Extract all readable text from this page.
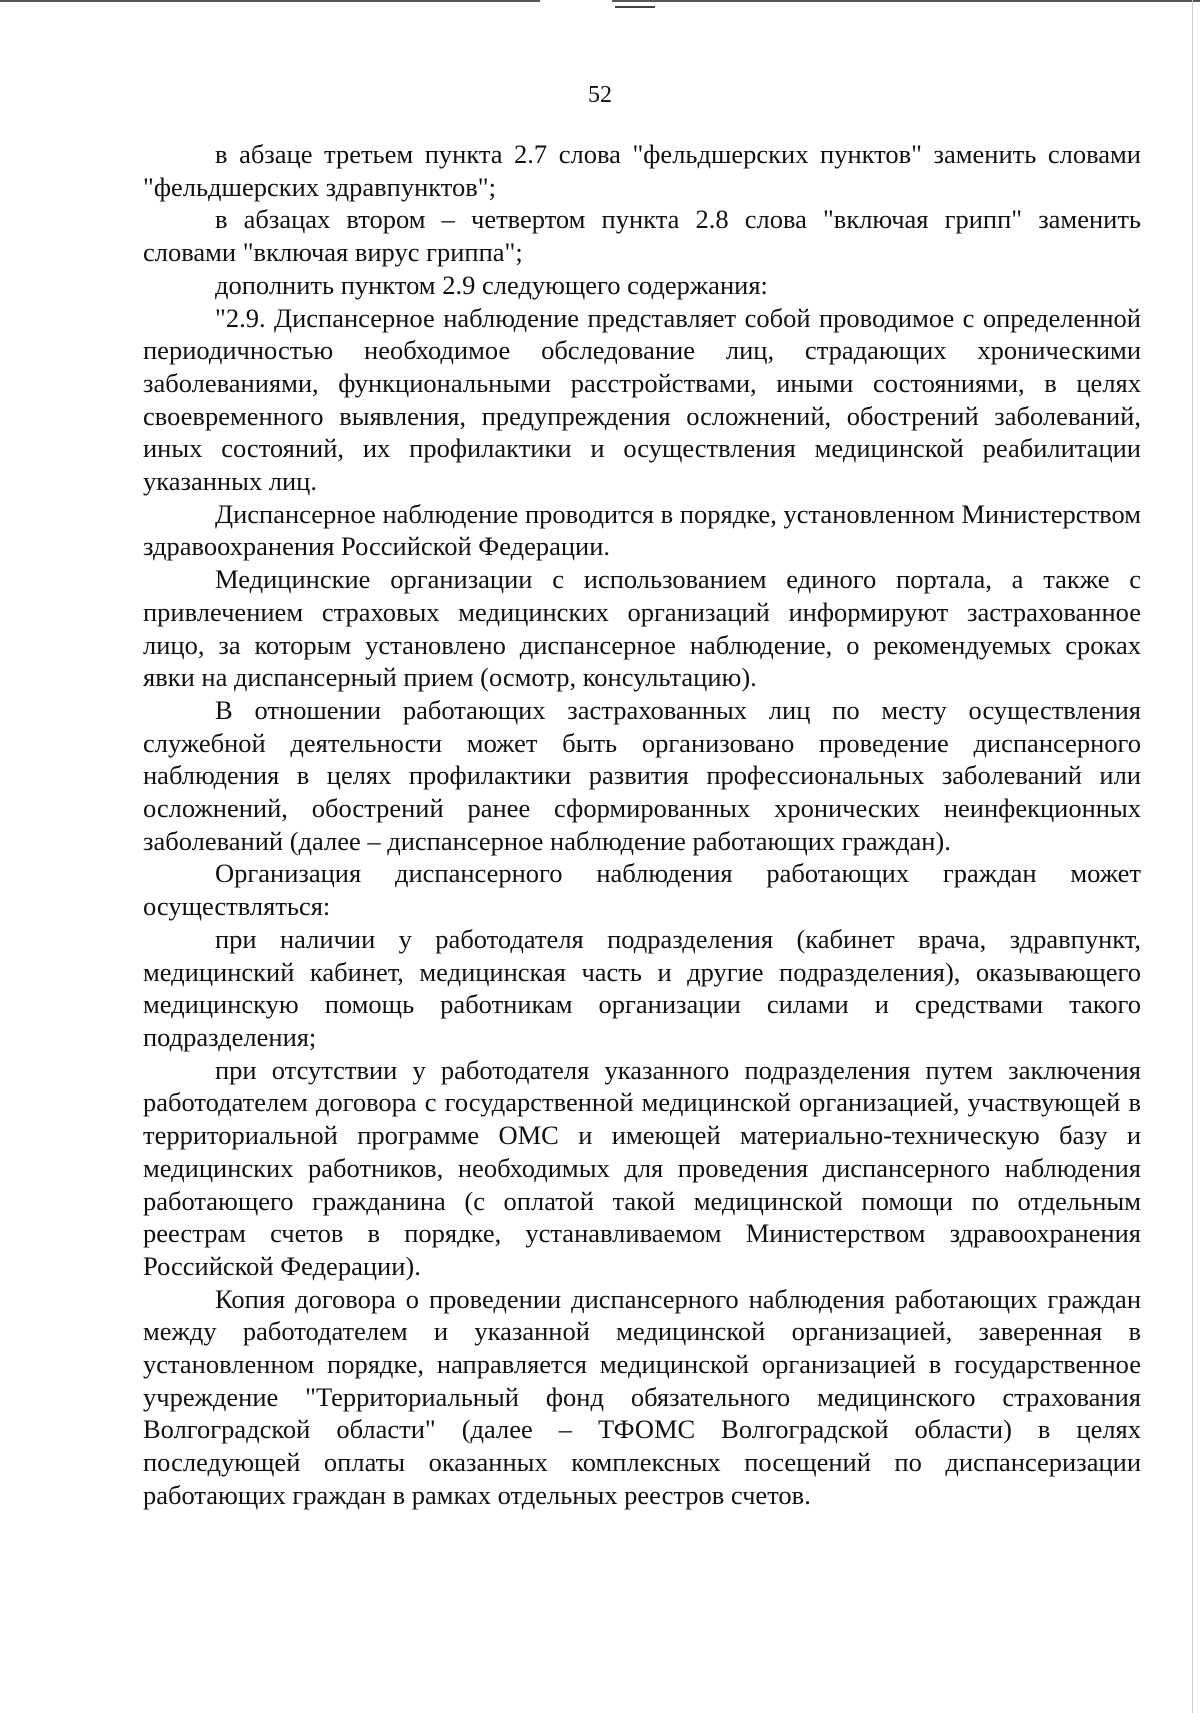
52

в абзаце третьем пункта 2.7 слова "фельдшерских пунктов" заменить словами "фельдшерских здравпунктов";

в абзацах втором – четвертом пункта 2.8 слова "включая грипп" заменить словами "включая вирус гриппа";

дополнить пунктом 2.9 следующего содержания:

"2.9. Диспансерное наблюдение представляет собой проводимое с определенной периодичностью необходимое обследование лиц, страдающих хроническими заболеваниями, функциональными расстройствами, иными состояниями, в целях своевременного выявления, предупреждения осложнений, обострений заболеваний, иных состояний, их профилактики и осуществления медицинской реабилитации указанных лиц.

Диспансерное наблюдение проводится в порядке, установленном Министерством здравоохранения Российской Федерации.

Медицинские организации с использованием единого портала, а также с привлечением страховых медицинских организаций информируют застрахованное лицо, за которым установлено диспансерное наблюдение, о рекомендуемых сроках явки на диспансерный прием (осмотр, консультацию).

В отношении работающих застрахованных лиц по месту осуществления служебной деятельности может быть организовано проведение диспансерного наблюдения в целях профилактики развития профессиональных заболеваний или осложнений, обострений ранее сформированных хронических неинфекционных заболеваний (далее – диспансерное наблюдение работающих граждан).

Организация диспансерного наблюдения работающих граждан может осуществляться:

при наличии у работодателя подразделения (кабинет врача, здравпункт, медицинский кабинет, медицинская часть и другие подразделения), оказывающего медицинскую помощь работникам организации силами и средствами такого подразделения;

при отсутствии у работодателя указанного подразделения путем заключения работодателем договора с государственной медицинской организацией, участвующей в территориальной программе ОМС и имеющей материально-техническую базу и медицинских работников, необходимых для проведения диспансерного наблюдения работающего гражданина (с оплатой такой медицинской помощи по отдельным реестрам счетов в порядке, устанавливаемом Министерством здравоохранения Российской Федерации).

Копия договора о проведении диспансерного наблюдения работающих граждан между работодателем и указанной медицинской организацией, заверенная в установленном порядке, направляется медицинской организацией в государственное учреждение "Территориальный фонд обязательного медицинского страхования Волгоградской области" (далее – ТФОМС Волгоградской области) в целях последующей оплаты оказанных комплексных посещений по диспансеризации работающих граждан в рамках отдельных реестров счетов.
